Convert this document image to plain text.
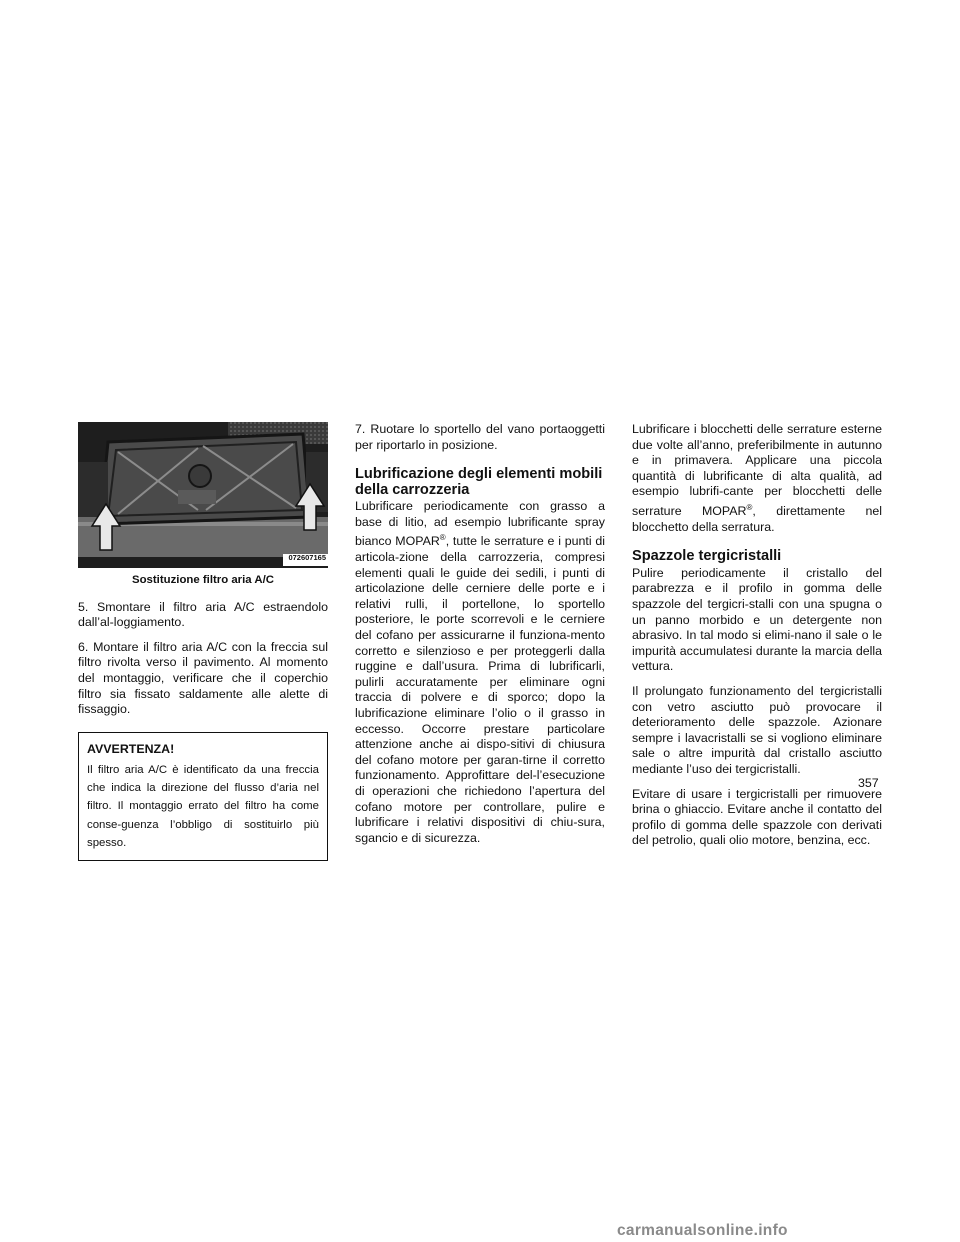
072607165
Sostituzione filtro aria A/C

5. Smontare il filtro aria A/C estraendolo dall’al-loggiamento.

6. Montare il filtro aria A/C con la freccia sul filtro rivolta verso il pavimento. Al momento del montaggio, verificare che il coperchio filtro sia fissato saldamente alle alette di fissaggio.

AVVERTENZA!
Il filtro aria A/C è identificato da una freccia che indica la direzione del flusso d’aria nel filtro. Il montaggio errato del filtro ha come conse-guenza l’obbligo di sostituirlo più spesso.

7. Ruotare lo sportello del vano portaoggetti per riportarlo in posizione.

Lubrificazione degli elementi mobili
della carrozzeria

Lubrificare periodicamente con grasso a base di litio, ad esempio lubrificante spray bianco MOPAR®, tutte le serrature e i punti di articola-zione della carrozzeria, compresi elementi quali le guide dei sedili, i punti di articolazione delle cerniere delle porte e i relativi rulli, il portellone, lo sportello posteriore, le porte scorrevoli e le cerniere del cofano per assicurarne il funziona-mento corretto e silenzioso e per proteggerli dalla ruggine e dall’usura. Prima di lubrificarli, pulirli accuratamente per eliminare ogni traccia di polvere e di sporco; dopo la lubrificazione eliminare l’olio o il grasso in eccesso. Occorre prestare particolare attenzione anche ai dispo-sitivi di chiusura del cofano motore per garan-tirne il corretto funzionamento. Approfittare del-l’esecuzione di operazioni che richiedono l’apertura del cofano motore per controllare, pulire e lubrificare i relativi dispositivi di chiu-sura, sgancio e di sicurezza.

Lubrificare i blocchetti delle serrature esterne due volte all’anno, preferibilmente in autunno e in primavera. Applicare una piccola quantità di lubrificante di alta qualità, ad esempio lubrifi-cante per blocchetti delle serrature MOPAR®, direttamente nel blocchetto della serratura.

Spazzole tergicristalli

Pulire periodicamente il cristallo del parabrezza e il profilo in gomma delle spazzole del tergicri-stalli con una spugna o un panno morbido e un detergente non abrasivo. In tal modo si elimi-nano il sale o le impurità accumulatesi durante la marcia della vettura.

Il prolungato funzionamento del tergicristalli con vetro asciutto può provocare il deterioramento delle spazzole. Azionare sempre i lavacristalli se si vogliono eliminare sale o altre impurità dal cristallo asciutto mediante l’uso dei tergicristalli.

Evitare di usare i tergicristalli per rimuovere brina o ghiaccio. Evitare anche il contatto del profilo di gomma delle spazzole con derivati del petrolio, quali olio motore, benzina, ecc.

357
carmanualsonline.info
